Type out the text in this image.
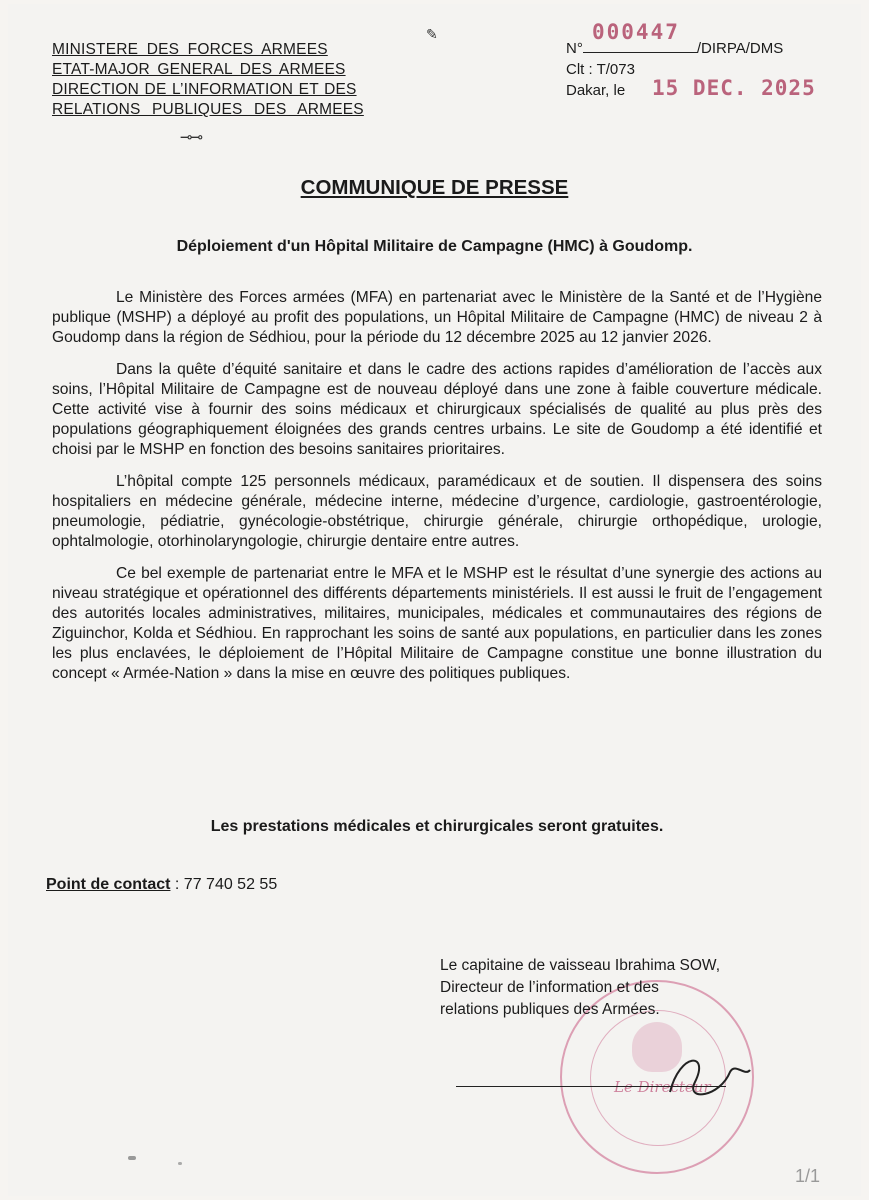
✎
MINISTERE DES FORCES ARMEES
ETAT-MAJOR GENERAL DES ARMEES
DIRECTION DE L’INFORMATION ET DES
RELATIONS PUBLIQUES DES ARMEES
⊸⊸
N°	/DIRPA/DMS
000447
Clt : T/073
Dakar, le 15 DEC. 2025
COMMUNIQUE DE PRESSE
Déploiement d'un Hôpital Militaire de Campagne (HMC) à Goudomp.

Le Ministère des Forces armées (MFA) en partenariat avec le Ministère de la Santé et de l’Hygiène publique (MSHP) a déployé au profit des populations, un Hôpital Militaire de Campagne (HMC) de niveau 2 à Goudomp dans la région de Sédhiou, pour la période du 12 décembre 2025 au 12 janvier 2026.

Dans la quête d’équité sanitaire et dans le cadre des actions rapides d’amélioration de l’accès aux soins, l’Hôpital Militaire de Campagne est de nouveau déployé dans une zone à faible couverture médicale. Cette activité vise à fournir des soins médicaux et chirurgicaux spécialisés de qualité au plus près des populations géographiquement éloignées des grands centres urbains. Le site de Goudomp a été identifié et choisi par le MSHP en fonction des besoins sanitaires prioritaires.

L’hôpital compte 125 personnels médicaux, paramédicaux et de soutien. Il dispensera des soins hospitaliers en médecine générale, médecine interne, médecine d’urgence, cardiologie, gastroentérologie, pneumologie, pédiatrie, gynécologie-obstétrique, chirurgie générale, chirurgie orthopédique, urologie, ophtalmologie, otorhinolaryngologie, chirurgie dentaire entre autres.

Ce bel exemple de partenariat entre le MFA et le MSHP est le résultat d’une synergie des actions au niveau stratégique et opérationnel des différents départements ministériels. Il est aussi le fruit de l’engagement des autorités locales administratives, militaires, municipales, médicales et communautaires des régions de Ziguinchor, Kolda et Sédhiou. En rapprochant les soins de santé aux populations, en particulier dans les zones les plus enclavées, le déploiement de l’Hôpital Militaire de Campagne constitue une bonne illustration du concept « Armée-Nation » dans la mise en œuvre des politiques publiques.

Les prestations médicales et chirurgicales seront gratuites.
Point de contact : 77 740 52 55
Le Directeur
Le capitaine de vaisseau Ibrahima SOW,
Directeur de l’information et des
relations publiques des Armées.
1/1
